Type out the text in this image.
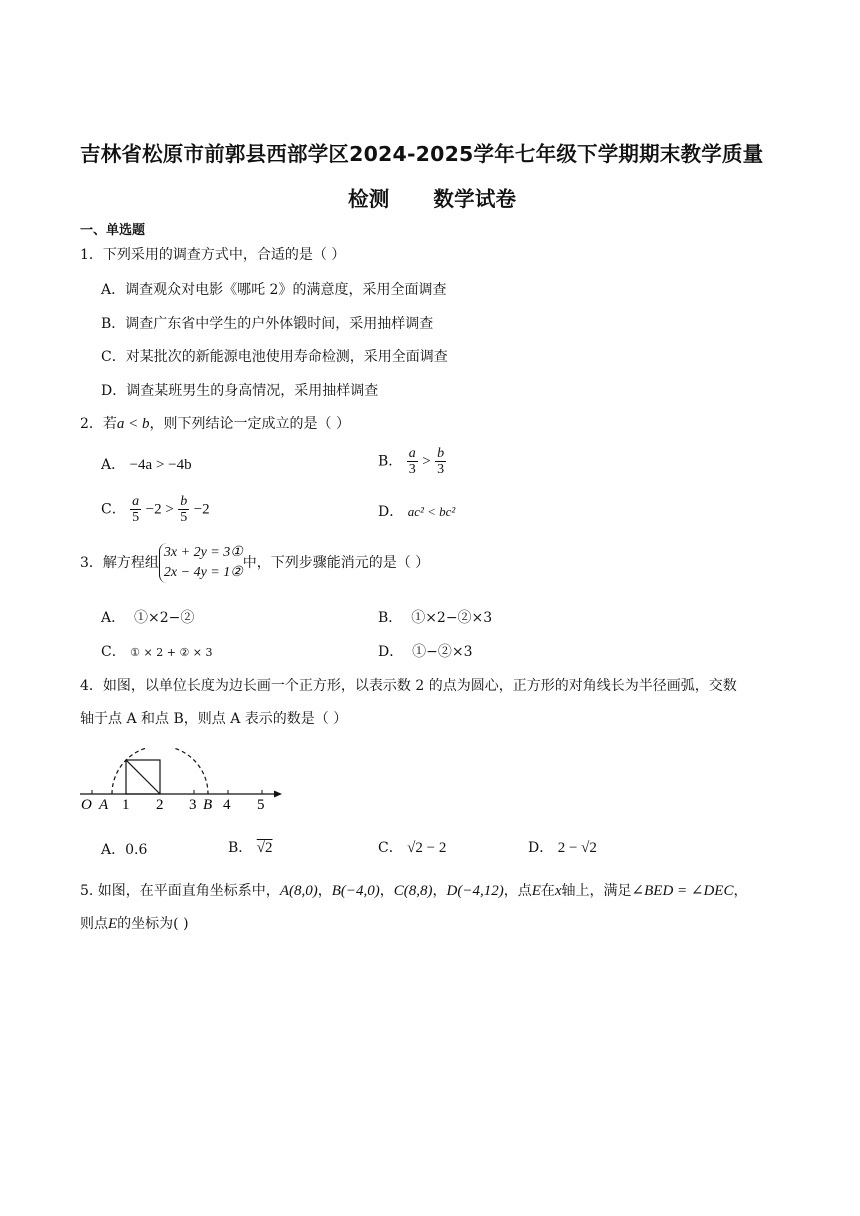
吉林省松原市前郭县西部学区2024-2025学年七年级下学期期末教学质量
检测      数学试卷
一、单选题
1．下列采用的调查方式中，合适的是（ ）
A．调查观众对电影《哪吒 2》的满意度，采用全面调查
B．调查广东省中学生的户外体锻时间，采用抽样调查
C．对某批次的新能源电池使用寿命检测，采用全面调查
D．调查某班男生的身高情况，采用抽样调查
2．若a < b，则下列结论一定成立的是（ ）
A． −4a > −4b	B． $\frac{a}{3} > \frac{b}{3}$
C． $\frac{a}{5} -2 > \frac{b}{5} -2$	D． ac² < bc²
3．解方程组
3x + 2y = 3①
2x − 4y = 1②
中，下列步骤能消元的是（ ）
A．  ①×2−②	B．  ①×2−②×3
C． ① × 2 + ② × 3	D．  ①−②×3
4．如图，以单位长度为边长画一个正方形，以表示数 2 的点为圆心，正方形的对角线长为半径画弧，交数
轴于点 A 和点 B，则点 A 表示的数是（ ）
O A 1 2 3 B 4 5
A．0.6	B． √2	C． √2 − 2	D． 2 − √2
5. 如图，在平面直角坐标系中，A(8,0)，B(−4,0)，C(8,8)，D(−4,12)，点E在x轴上，满足∠BED = ∠DEC，
则点E的坐标为( )
